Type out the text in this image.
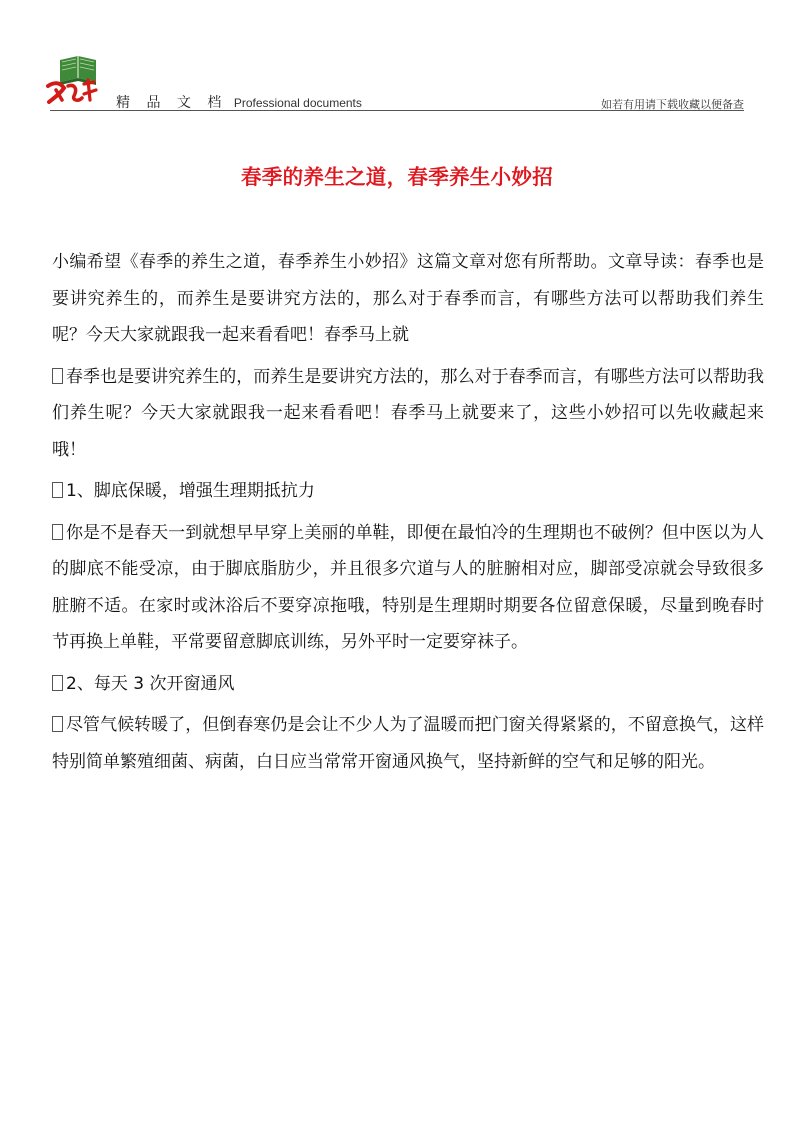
精 品 文 档 Professional documents	如若有用请下载收藏以便备查
春季的养生之道，春季养生小妙招

小编希望《春季的养生之道，春季养生小妙招》这篇文章对您有所帮助。文章导读：春季也是要讲究养生的，而养生是要讲究方法的，那么对于春季而言，有哪些方法可以帮助我们养生呢？今天大家就跟我一起来看看吧！春季马上就

春季也是要讲究养生的，而养生是要讲究方法的，那么对于春季而言，有哪些方法可以帮助我们养生呢？今天大家就跟我一起来看看吧！春季马上就要来了，这些小妙招可以先收藏起来哦！

1、脚底保暖，增强生理期抵抗力

你是不是春天一到就想早早穿上美丽的单鞋，即便在最怕冷的生理期也不破例？但中医以为人的脚底不能受凉，由于脚底脂肪少，并且很多穴道与人的脏腑相对应，脚部受凉就会导致很多脏腑不适。在家时或沐浴后不要穿凉拖哦，特别是生理期时期要各位留意保暖，尽量到晚春时节再换上单鞋，平常要留意脚底训练，另外平时一定要穿袜子。

2、每天 3 次开窗通风

尽管气候转暖了，但倒春寒仍是会让不少人为了温暖而把门窗关得紧紧的，不留意换气，这样特别简单繁殖细菌、病菌，白日应当常常开窗通风换气，坚持新鲜的空气和足够的阳光。
